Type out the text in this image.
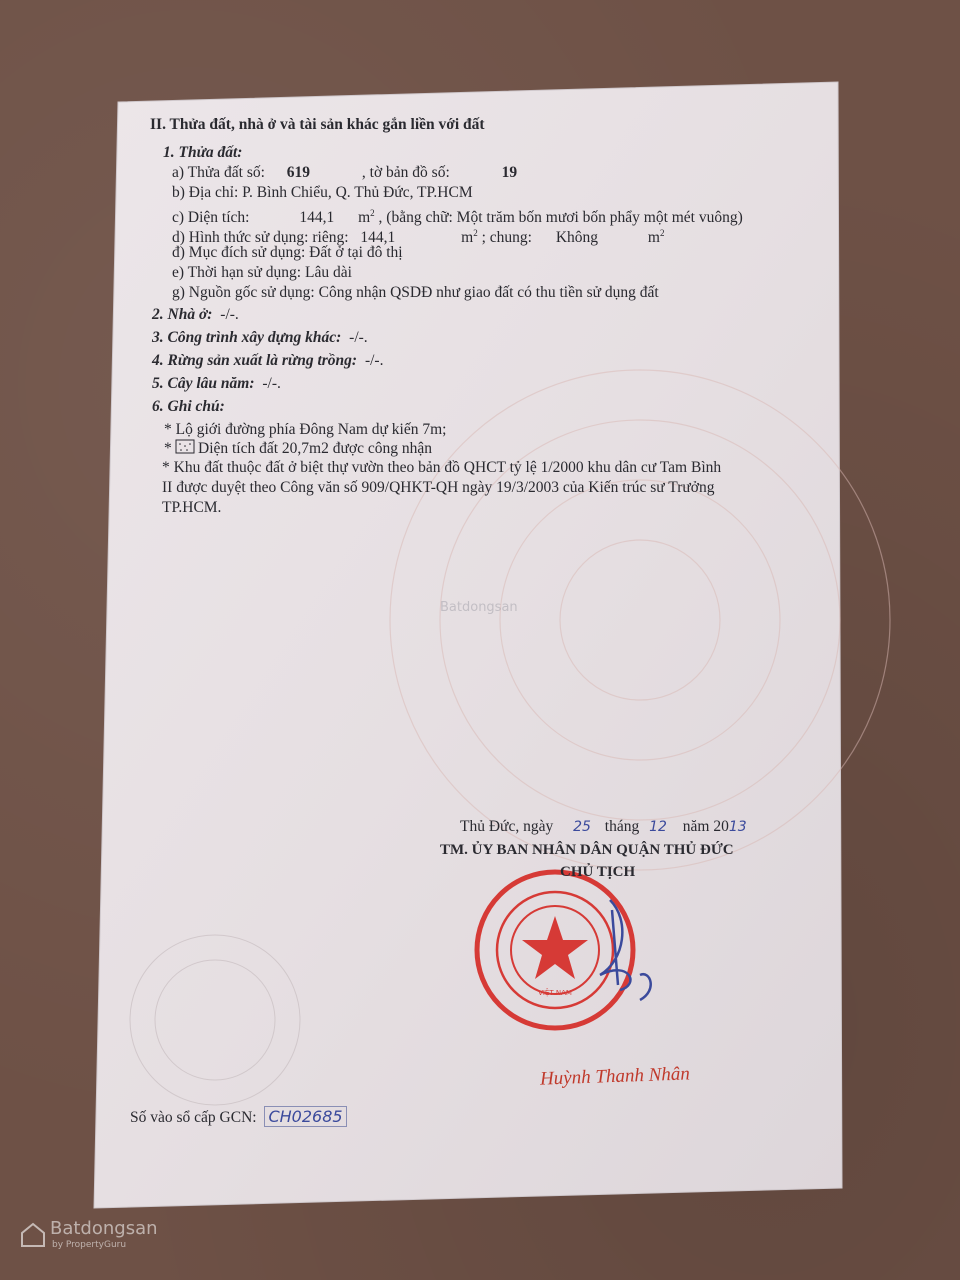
VIỆT NAM
II. Thửa đất, nhà ở và tài sản khác gắn liền với đất
1. Thửa đất:
a) Thửa đất số: 619	, tờ bản đồ số:	19
b) Địa chỉ: P. Bình Chiểu, Q. Thủ Đức, TP.HCM
c) Diện tích:	144,1 $m^2$ , (bằng chữ: Một trăm bốn mươi bốn phẩy một mét vuông)
d) Hình thức sử dụng: riêng: 144,1	$m^2$ ; chung: Không	$m^2$
đ) Mục đích sử dụng: Đất ở tại đô thị
e) Thời hạn sử dụng: Lâu dài
g) Nguồn gốc sử dụng: Công nhận QSDĐ như giao đất có thu tiền sử dụng đất
2. Nhà ở: -/-.
3. Công trình xây dựng khác: -/-.
4. Rừng sản xuất là rừng trồng: -/-.
5. Cây lâu năm: -/-.
6. Ghi chú:
* Lộ giới đường phía Đông Nam dự kiến 7m;
* Diện tích đất 20,7m2 được công nhận
* Khu đất thuộc đất ở biệt thự vườn theo bản đồ QHCT tỷ lệ 1/2000 khu dân cư Tam Bình
II được duyệt theo Công văn số 909/QHKT-QH ngày 19/3/2003 của Kiến trúc sư Trưởng
TP.HCM.
Thủ Đức, ngày 25 tháng 12 năm 2013
TM. ỦY BAN NHÂN DÂN QUẬN THỦ ĐỨC
CHỦ TỊCH
Huỳnh Thanh Nhân
Số vào sổ cấp GCN: CH02685
Batdongsan
Batdongsan
by PropertyGuru
